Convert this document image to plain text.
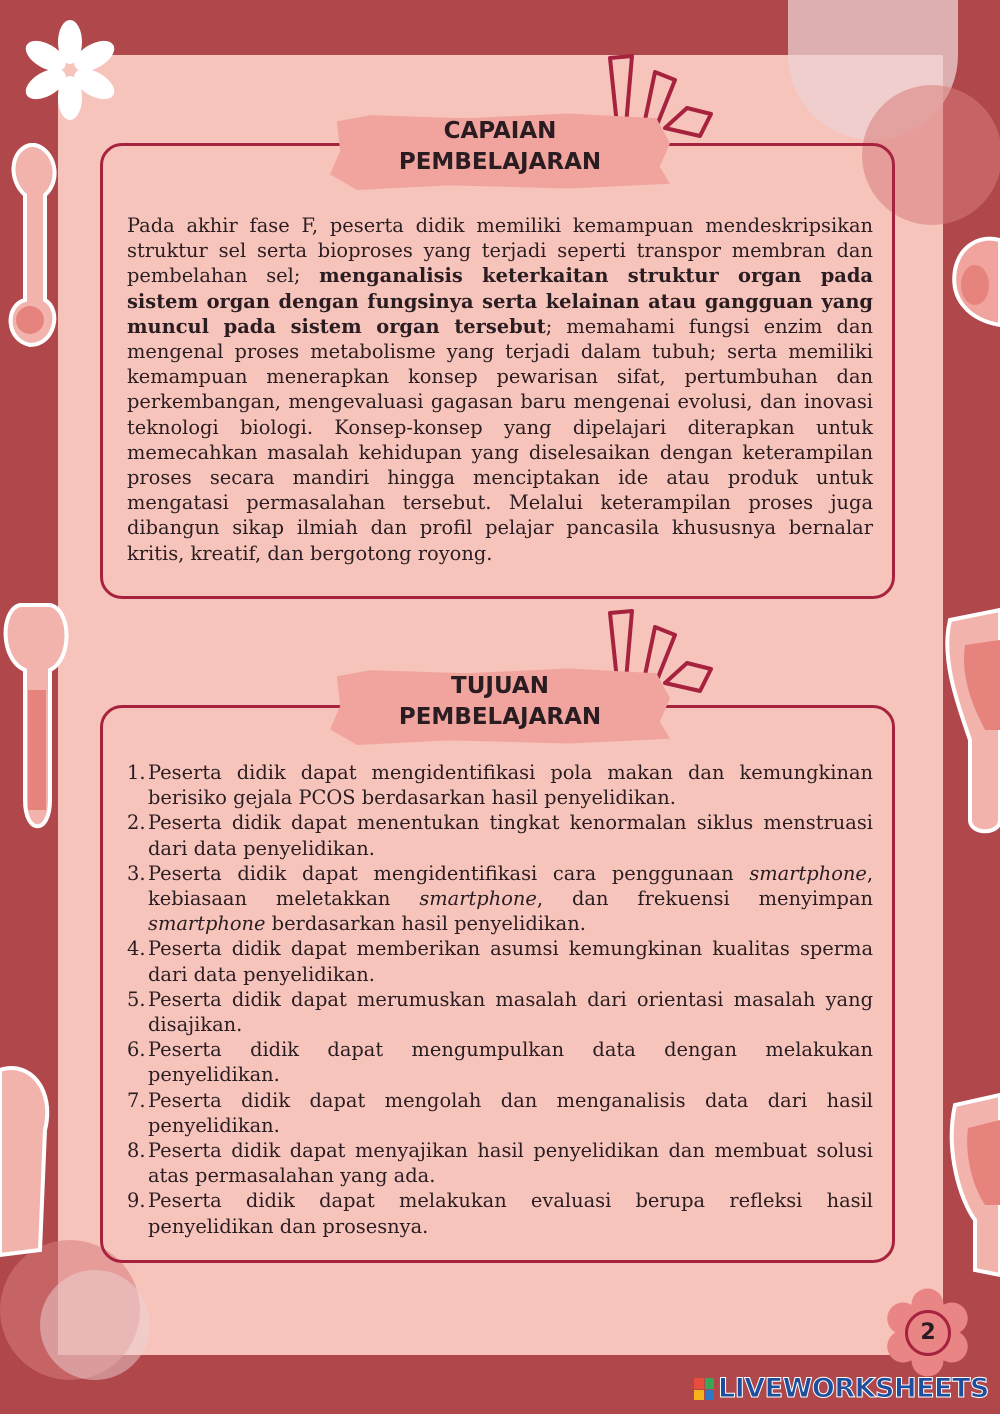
CAPAIAN
PEMBELAJARAN

Pada akhir fase F, peserta didik memiliki kemampuan mendeskripsikan struktur sel serta bioproses yang terjadi seperti transpor membran dan pembelahan sel; menganalisis keterkaitan struktur organ pada sistem organ dengan fungsinya serta kelainan atau gangguan yang muncul pada sistem organ tersebut; memahami fungsi enzim dan mengenal proses metabolisme yang terjadi dalam tubuh; serta memiliki kemampuan menerapkan konsep pewarisan sifat, pertumbuhan dan perkembangan, mengevaluasi gagasan baru mengenai evolusi, dan inovasi teknologi biologi. Konsep-konsep yang dipelajari diterapkan untuk memecahkan masalah kehidupan yang diselesaikan dengan keterampilan proses secara mandiri hingga menciptakan ide atau produk untuk mengatasi permasalahan tersebut. Melalui keterampilan proses juga dibangun sikap ilmiah dan profil pelajar pancasila khususnya bernalar kritis, kreatif, dan bergotong royong.

TUJUAN
PEMBELAJARAN
1. Peserta didik dapat mengidentifikasi pola makan dan kemungkinan berisiko gejala PCOS berdasarkan hasil penyelidikan.
2. Peserta didik dapat menentukan tingkat kenormalan siklus menstruasi dari data penyelidikan.
3. Peserta didik dapat mengidentifikasi cara penggunaan smartphone, kebiasaan meletakkan smartphone, dan frekuensi menyimpan smartphone berdasarkan hasil penyelidikan.
4. Peserta didik dapat memberikan asumsi kemungkinan kualitas sperma dari data penyelidikan.
5. Peserta didik dapat merumuskan masalah dari orientasi masalah yang disajikan.
6. Peserta didik dapat mengumpulkan data dengan melakukan penyelidikan.
7. Peserta didik dapat mengolah dan menganalisis data dari hasil penyelidikan.
8. Peserta didik dapat menyajikan hasil penyelidikan dan membuat solusi atas permasalahan yang ada.
9. Peserta didik dapat melakukan evaluasi berupa refleksi hasil penyelidikan dan prosesnya.
2
LIVEWORKSHEETS
